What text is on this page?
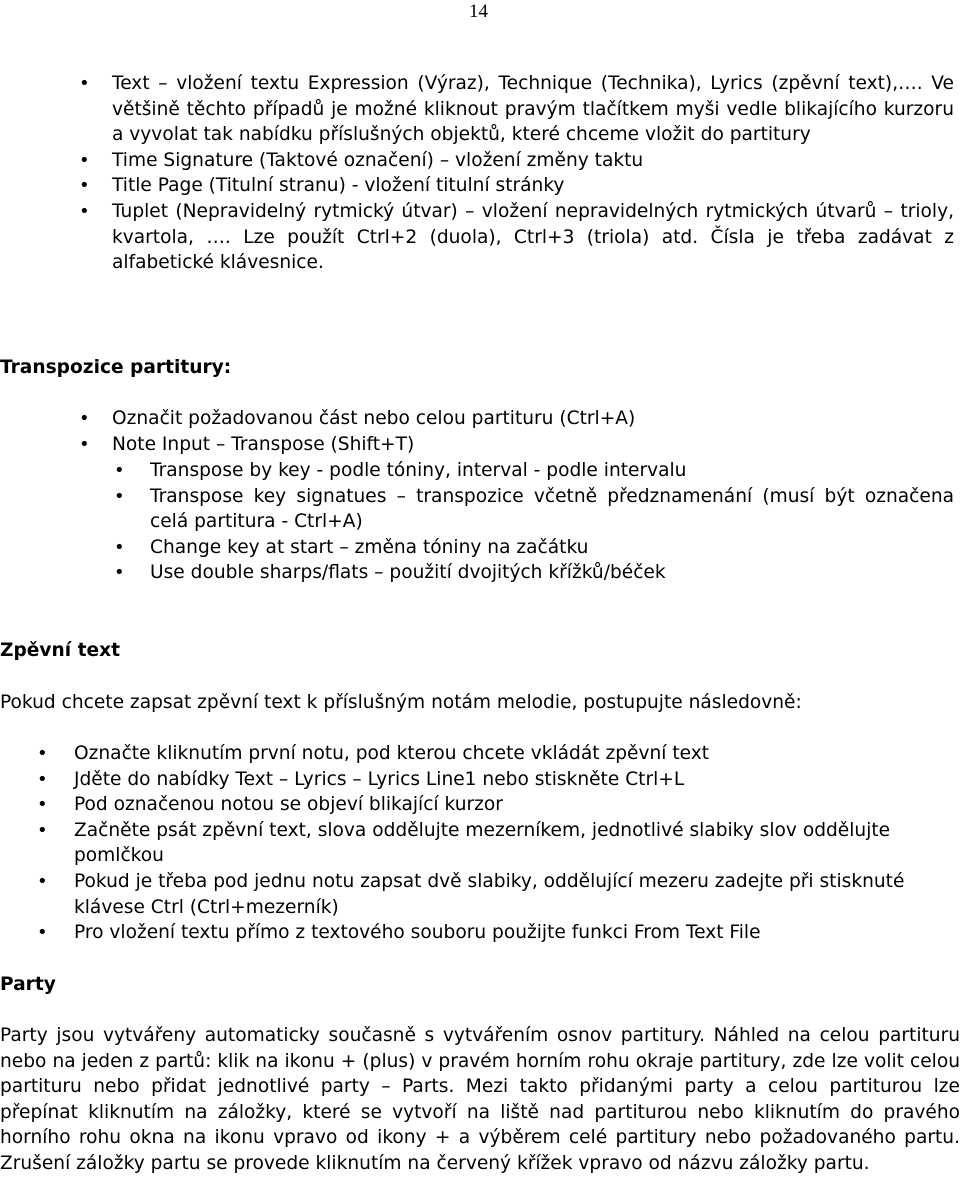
14
• Text – vložení textu Expression (Výraz), Technique (Technika), Lyrics (zpěvní text),…. Ve většině těchto případů je možné kliknout pravým tlačítkem myši vedle blikajícího kurzoru a vyvolat tak nabídku příslušných objektů, které chceme vložit do partitury
• Time Signature (Taktové označení) – vložení změny taktu
• Title Page (Titulní stranu) - vložení titulní stránky
• Tuplet (Nepravidelný rytmický útvar) – vložení nepravidelných rytmických útvarů – trioly, kvartola, …. Lze použít Ctrl+2 (duola), Ctrl+3 (triola) atd. Čísla je třeba zadávat z alfabetické klávesnice.

Transpozice partitury:

• Označit požadovanou část nebo celou partituru (Ctrl+A)
• Note Input – Transpose (Shift+T)
• Transpose by key - podle tóniny, interval - podle intervalu
• Transpose key signatues – transpozice včetně předznamenání (musí být označena celá partitura - Ctrl+A)
• Change key at start – změna tóniny na začátku
• Use double sharps/flats – použití dvojitých křížků/béček

Zpěvní text

Pokud chcete zapsat zpěvní text k příslušným notám melodie, postupujte následovně:

• Označte kliknutím první notu, pod kterou chcete vkládát zpěvní text
• Jděte do nabídky Text – Lyrics – Lyrics Line1 nebo stiskněte Ctrl+L
• Pod označenou notou se objeví blikající kurzor
• Začněte psát zpěvní text, slova oddělujte mezerníkem, jednotlivé slabiky slov oddělujte pomlčkou
• Pokud je třeba pod jednu notu zapsat dvě slabiky, oddělující mezeru zadejte při stisknuté klávese Ctrl (Ctrl+mezerník)
• Pro vložení textu přímo z textového souboru použijte funkci From Text File

Party

Party jsou vytvářeny automaticky současně s vytvářením osnov partitury. Náhled na celou partituru nebo na jeden z partů: klik na ikonu + (plus) v pravém horním rohu okraje partitury, zde lze volit celou partituru nebo přidat jednotlivé party – Parts. Mezi takto přidanými party a celou partiturou lze přepínat kliknutím na záložky, které se vytvoří na liště nad partiturou nebo kliknutím do pravého horního rohu okna na ikonu vpravo od ikony + a výběrem celé partitury nebo požadovaného partu. Zrušení záložky partu se provede kliknutím na červený křížek vpravo od názvu záložky partu.
